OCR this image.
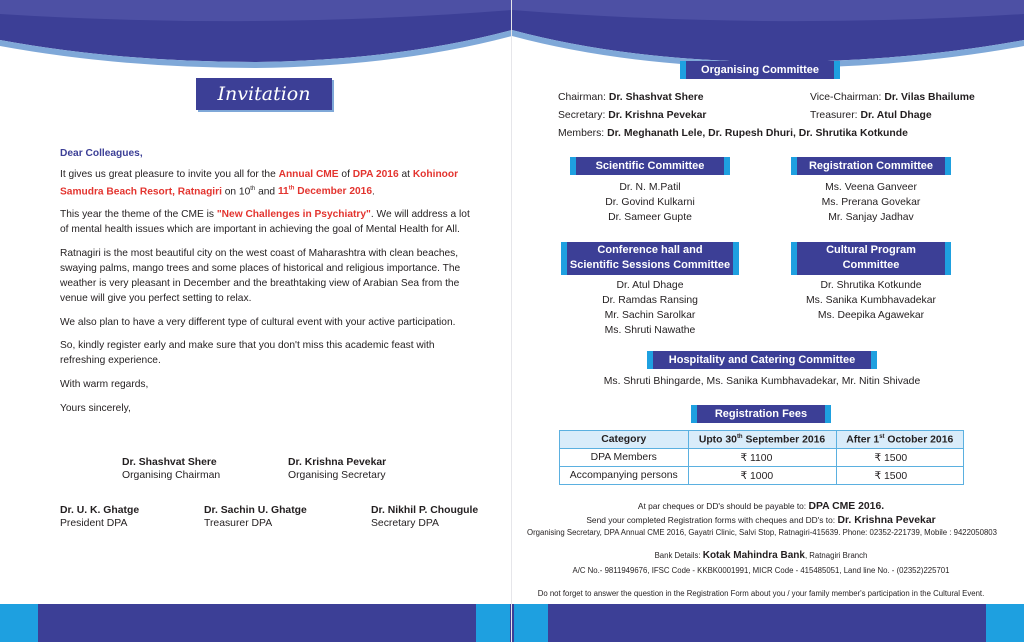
Invitation
Dear Colleagues,
It gives us great pleasure to invite you all for the Annual CME of DPA 2016 at Kohinoor Samudra Beach Resort, Ratnagiri on 10th and 11th December 2016.
This year the theme of the CME is "New Challenges in Psychiatry". We will address a lot of mental health issues which are important in achieving the goal of Mental Health for All.
Ratnagiri is the most beautiful city on the west coast of Maharashtra with clean beaches, swaying palms, mango trees and some places of historical and religious importance. The weather is very pleasant in December and the breathtaking view of Arabian Sea from the venue will give you perfect setting to relax.
We also plan to have a very different type of cultural event with your active participation.
So, kindly register early and make sure that you don't miss this academic feast with refreshing experience.
With warm regards,
Yours sincerely,
Dr. Shashvat Shere
Organising Chairman
Dr. Krishna Pevekar
Organising Secretary
Dr. U. K. Ghatge
President DPA
Dr. Sachin U. Ghatge
Treasurer DPA
Dr. Nikhil P. Chougule
Secretary DPA
Organising Committee
Chairman: Dr. Shashvat Shere	Vice-Chairman: Dr. Vilas Bhailume
Secretary: Dr. Krishna Pevekar	Treasurer: Dr. Atul Dhage
Members: Dr. Meghanath Lele, Dr. Rupesh Dhuri, Dr. Shrutika Kotkunde
Scientific Committee
Dr. N. M.Patil
Dr. Govind Kulkarni
Dr. Sameer Gupte
Registration Committee
Ms. Veena Ganveer
Ms. Prerana Govekar
Mr. Sanjay Jadhav
Conference hall and
Scientific Sessions Committee
Dr. Atul Dhage
Dr. Ramdas Ransing
Mr. Sachin Sarolkar
Ms. Shruti Nawathe
Cultural Program
Committee
Dr. Shrutika Kotkunde
Ms. Sanika Kumbhavadekar
Ms. Deepika Agawekar
Hospitality and Catering Committee
Ms. Shruti Bhingarde, Ms. Sanika Kumbhavadekar, Mr. Nitin Shivade
Registration Fees
Category	Upto 30th September 2016	After 1st October 2016
DPA Members	₹ 1100	₹ 1500
Accompanying persons	₹ 1000	₹ 1500
At par cheques or DD's should be payable to: DPA CME 2016.
Send your completed Registration forms with cheques and DD's to: Dr. Krishna Pevekar
Organising Secretary, DPA Annual CME 2016, Gayatri Clinic, Salvi Stop, Ratnagiri-415639. Phone: 02352-221739, Mobile : 9422050803
Bank Details: Kotak Mahindra Bank, Ratnagiri Branch
A/C No.- 9811949676, IFSC Code - KKBK0001991, MICR Code - 415485051, Land line No. - (02352)225701
Do not forget to answer the question in the Registration Form about you / your family member's participation in the Cultural Event.
